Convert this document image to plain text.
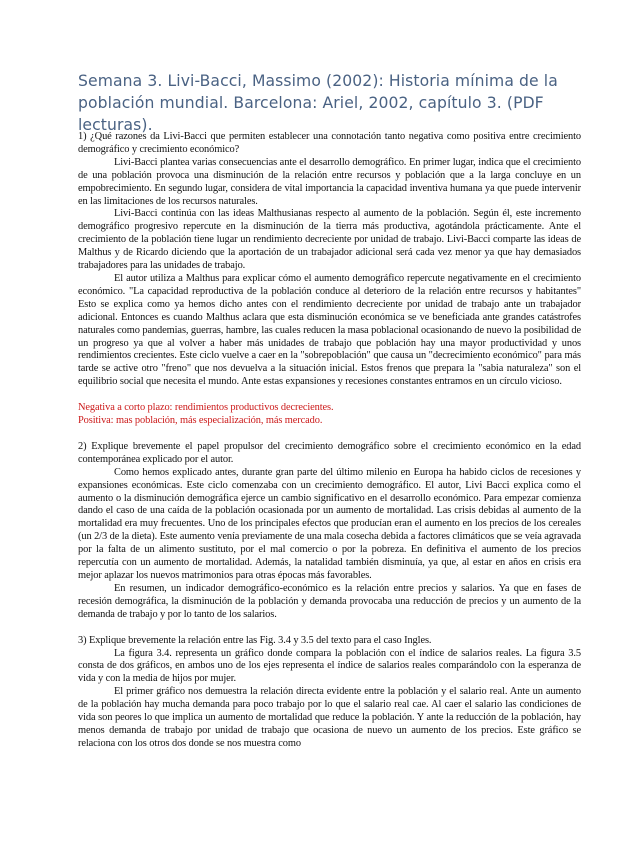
Semana 3. Livi-Bacci, Massimo (2002): Historia mínima de la población mundial. Barcelona: Ariel, 2002, capítulo 3. (PDF lecturas).

1) ¿Qué razones da Livi-Bacci que permiten establecer una connotación tanto negativa como positiva entre crecimiento demográfico y crecimiento económico?

Livi-Bacci plantea varias consecuencias ante el desarrollo demográfico. En primer lugar, indica que el crecimiento de una población provoca una disminución de la relación entre recursos y población que a la larga concluye en un empobrecimiento. En segundo lugar, considera de vital importancia la capacidad inventiva humana ya que puede intervenir en las limitaciones de los recursos naturales.

Livi-Bacci continúa con las ideas Malthusianas respecto al aumento de la población. Según él, este incremento demográfico progresivo repercute en la disminución de la tierra más productiva, agotándola prácticamente. Ante el crecimiento de la población tiene lugar un rendimiento decreciente por unidad de trabajo. Livi-Bacci comparte las ideas de Malthus y de Ricardo diciendo que la aportación de un trabajador adicional será cada vez menor ya que hay demasiados trabajadores para las unidades de trabajo.

El autor utiliza a Malthus para explicar cómo el aumento demográfico repercute negativamente en el crecimiento económico. "La capacidad reproductiva de la población conduce al deterioro de la relación entre recursos y habitantes" Esto se explica como ya hemos dicho antes con el rendimiento decreciente por unidad de trabajo ante un trabajador adicional. Entonces es cuando Malthus aclara que esta disminución económica se ve beneficiada ante grandes catástrofes naturales como pandemias, guerras, hambre, las cuales reducen la masa poblacional ocasionando de nuevo la posibilidad de un progreso ya que al volver a haber más unidades de trabajo que población hay una mayor productividad y unos rendimientos crecientes. Este ciclo vuelve a caer en la "sobrepoblación" que causa un "decrecimiento económico" para más tarde se active otro "freno" que nos devuelva a la situación inicial. Estos frenos que prepara la "sabia naturaleza" son el equilibrio social que necesita el mundo. Ante estas expansiones y recesiones constantes entramos en un círculo vicioso.

Negativa a corto plazo: rendimientos productivos decrecientes.

Positiva: mas población, más especialización, más mercado.

2) Explique brevemente el papel propulsor del crecimiento demográfico sobre el crecimiento económico en la edad contemporánea explicado por el autor.

Como hemos explicado antes, durante gran parte del último milenio en Europa ha habido ciclos de recesiones y expansiones económicas. Este ciclo comenzaba con un crecimiento demográfico. El autor, Livi Bacci explica como el aumento o la disminución demográfica ejerce un cambio significativo en el desarrollo económico. Para empezar comienza dando el caso de una caída de la población ocasionada por un aumento de mortalidad. Las crisis debidas al aumento de la mortalidad era muy frecuentes. Uno de los principales efectos que producían eran el aumento en los precios de los cereales (un 2/3 de la dieta). Este aumento venía previamente de una mala cosecha debida a factores climáticos que se veía agravada por la falta de un alimento sustituto, por el mal comercio o por la pobreza. En definitiva el aumento de los precios repercutía con un aumento de mortalidad. Además, la natalidad también disminuía, ya que, al estar en años en crisis era mejor aplazar los nuevos matrimonios para otras épocas más favorables.

En resumen, un indicador demográfico-económico es la relación entre precios y salarios. Ya que en fases de recesión demográfica, la disminución de la población y demanda provocaba una reducción de precios y un aumento de la demanda de trabajo y por lo tanto de los salarios.

3) Explique brevemente la relación entre las Fig. 3.4 y 3.5 del texto para el caso Ingles.

La figura 3.4. representa un gráfico donde compara la población con el índice de salarios reales. La figura 3.5 consta de dos gráficos, en ambos uno de los ejes representa el índice de salarios reales comparándolo con la esperanza de vida y con la media de hijos por mujer.

El primer gráfico nos demuestra la relación directa evidente entre la población y el salario real. Ante un aumento de la población hay mucha demanda para poco trabajo por lo que el salario real cae. Al caer el salario las condiciones de vida son peores lo que implica un aumento de mortalidad que reduce la población. Y ante la reducción de la población, hay menos demanda de trabajo por unidad de trabajo que ocasiona de nuevo un aumento de los precios. Este gráfico se relaciona con los otros dos donde se nos muestra como
